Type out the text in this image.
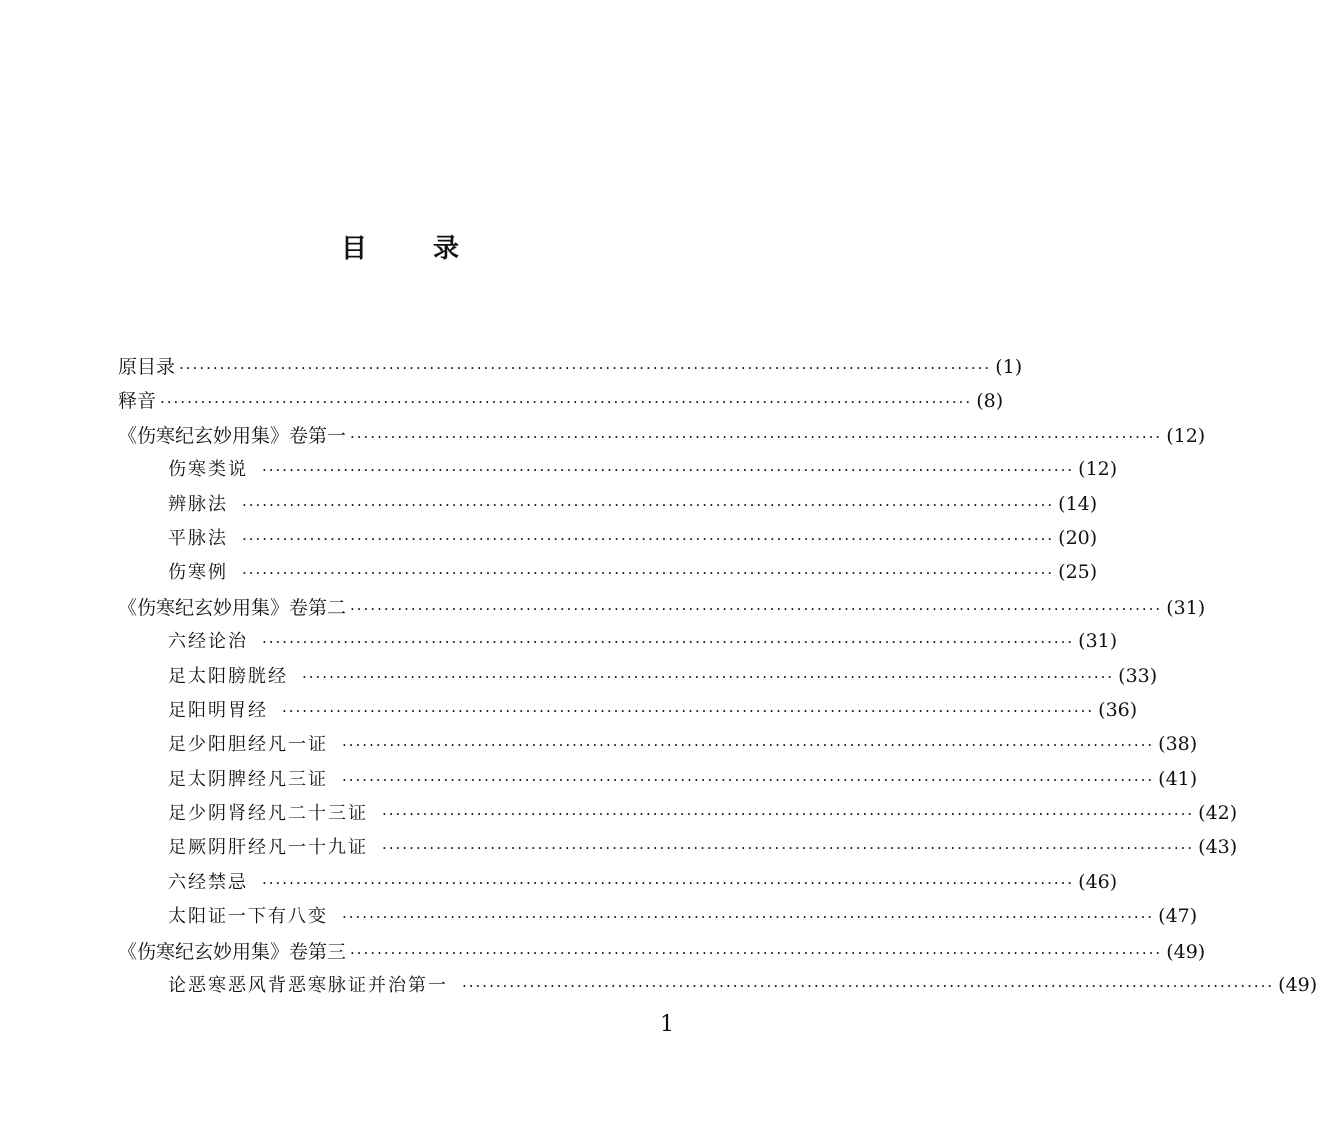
目	录
原目录 ························································································································ (1)
释音 ························································································································ (8)
《伤寒纪玄妙用集》卷第一 ························································································································ (12)
伤寒类说 ························································································································ (12)
辨脉法 ························································································································ (14)
平脉法 ························································································································ (20)
伤寒例 ························································································································ (25)
《伤寒纪玄妙用集》卷第二 ························································································································ (31)
六经论治 ························································································································ (31)
足太阳膀胱经 ························································································································ (33)
足阳明胃经 ························································································································ (36)
足少阳胆经凡一证 ························································································································ (38)
足太阴脾经凡三证 ························································································································ (41)
足少阴肾经凡二十三证 ························································································································ (42)
足厥阴肝经凡一十九证 ························································································································ (43)
六经禁忌 ························································································································ (46)
太阳证一下有八变 ························································································································ (47)
《伤寒纪玄妙用集》卷第三 ························································································································ (49)
论恶寒恶风背恶寒脉证并治第一 ························································································································ (49)
1
